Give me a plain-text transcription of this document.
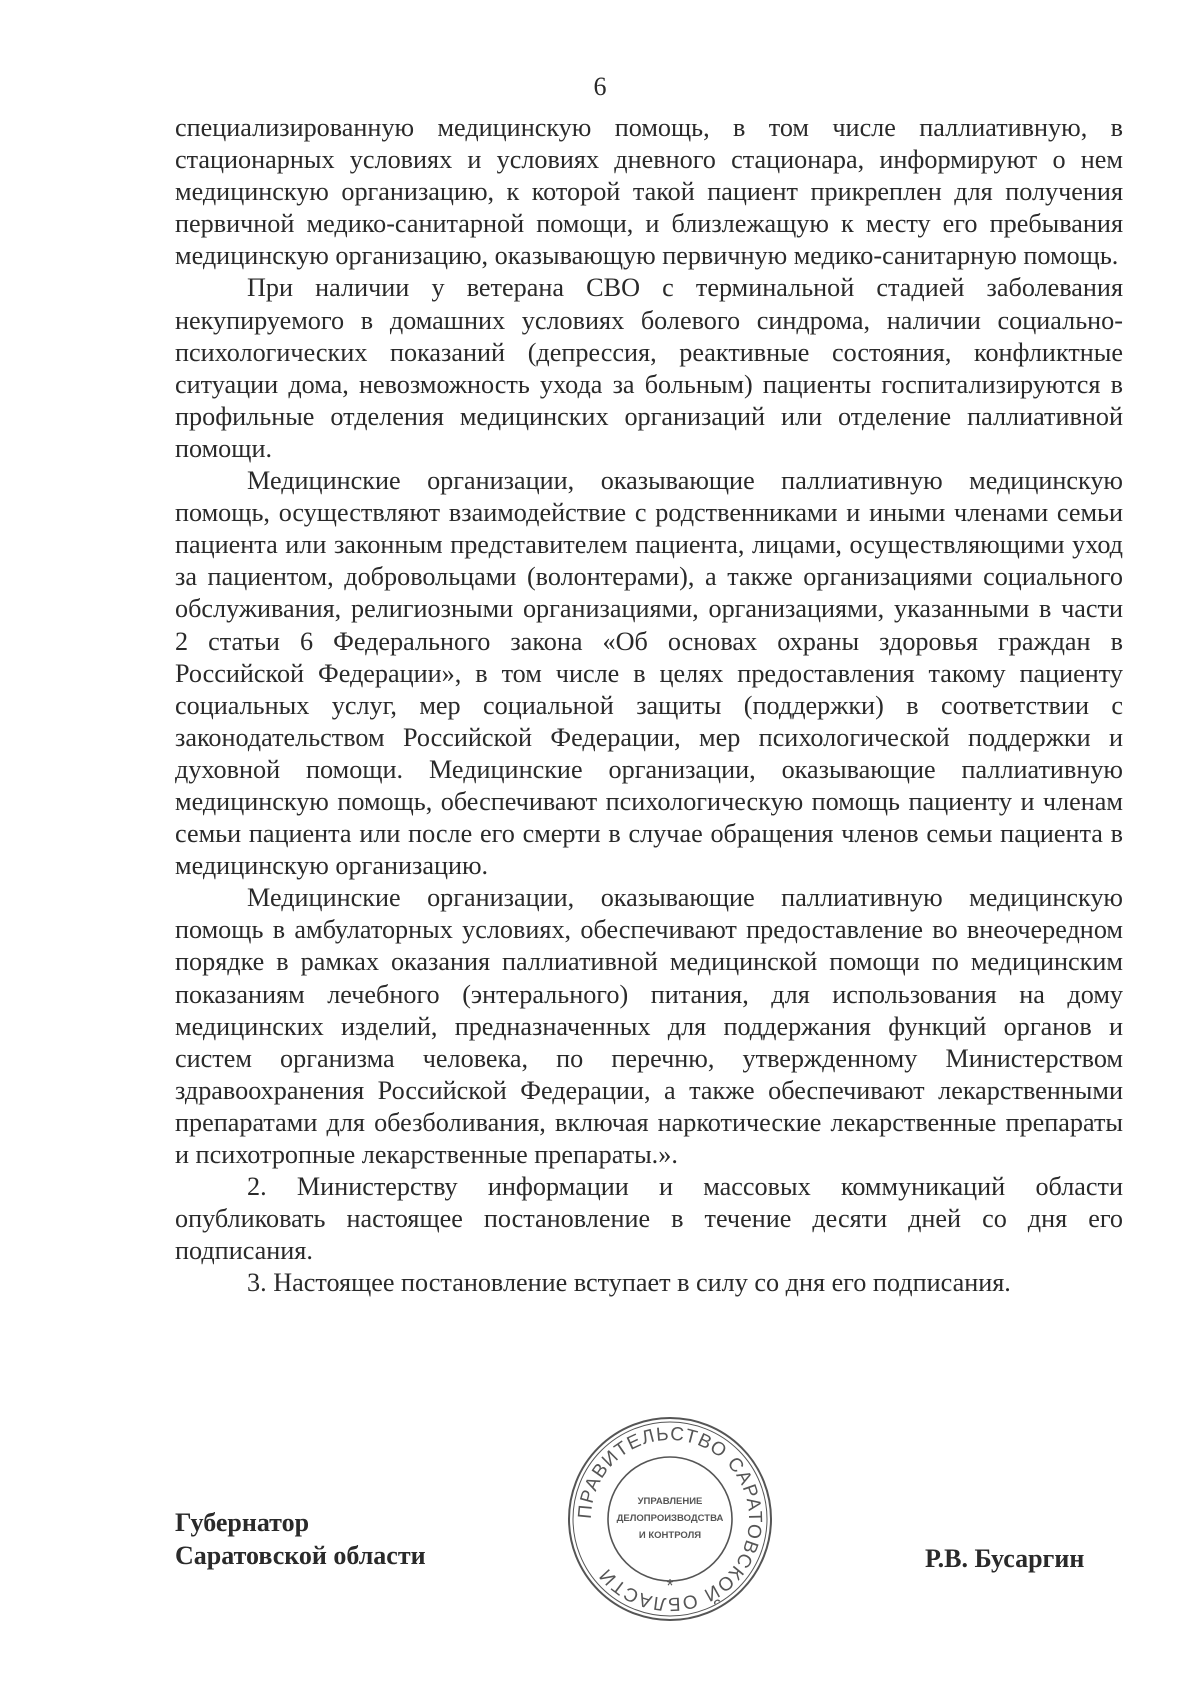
6

специализированную медицинскую помощь, в том числе паллиативную, в стационарных условиях и условиях дневного стационара, информируют о нем медицинскую организацию, к которой такой пациент прикреплен для получения первичной медико-санитарной помощи, и близлежащую к месту его пребывания медицинскую организацию, оказывающую первичную медико-санитарную помощь.

При наличии у ветерана СВО с терминальной стадией заболевания некупируемого в домашних условиях болевого синдрома, наличии социально-психологических показаний (депрессия, реактивные состояния, конфликтные ситуации дома, невозможность ухода за больным) пациенты госпитализируются в профильные отделения медицинских организаций или отделение паллиативной помощи.

Медицинские организации, оказывающие паллиативную медицинскую помощь, осуществляют взаимодействие с родственниками и иными членами семьи пациента или законным представителем пациента, лицами, осуществляющими уход за пациентом, добровольцами (волонтерами), а также организациями социального обслуживания, религиозными организациями, организациями, указанными в части 2 статьи 6 Федерального закона «Об основах охраны здоровья граждан в Российской Федерации», в том числе в целях предоставления такому пациенту социальных услуг, мер социальной защиты (поддержки) в соответствии с законодательством Российской Федерации, мер психологической поддержки и духовной помощи. Медицинские организации, оказывающие паллиативную медицинскую помощь, обеспечивают психологическую помощь пациенту и членам семьи пациента или после его смерти в случае обращения членов семьи пациента в медицинскую организацию.

Медицинские организации, оказывающие паллиативную медицинскую помощь в амбулаторных условиях, обеспечивают предоставление во внеочередном порядке в рамках оказания паллиативной медицинской помощи по медицинским показаниям лечебного (энтерального) питания, для использования на дому медицинских изделий, предназначенных для поддержания функций органов и систем организма человека, по перечню, утвержденному Министерством здравоохранения Российской Федерации, а также обеспечивают лекарственными препаратами для обезболивания, включая наркотические лекарственные препараты и психотропные лекарственные препараты.».

2. Министерству информации и массовых коммуникаций области опубликовать настоящее постановление в течение десяти дней со дня его подписания.

3. Настоящее постановление вступает в силу со дня его подписания.

Губернатор
Саратовской области
ПРАВИТЕЛЬСТВО САРАТОВСКОЙ ОБЛАСТИ	*
УПРАВЛЕНИЕ
ДЕЛОПРОИЗВОДСТВА
И КОНТРОЛЯ
Р.В. Бусаргин
